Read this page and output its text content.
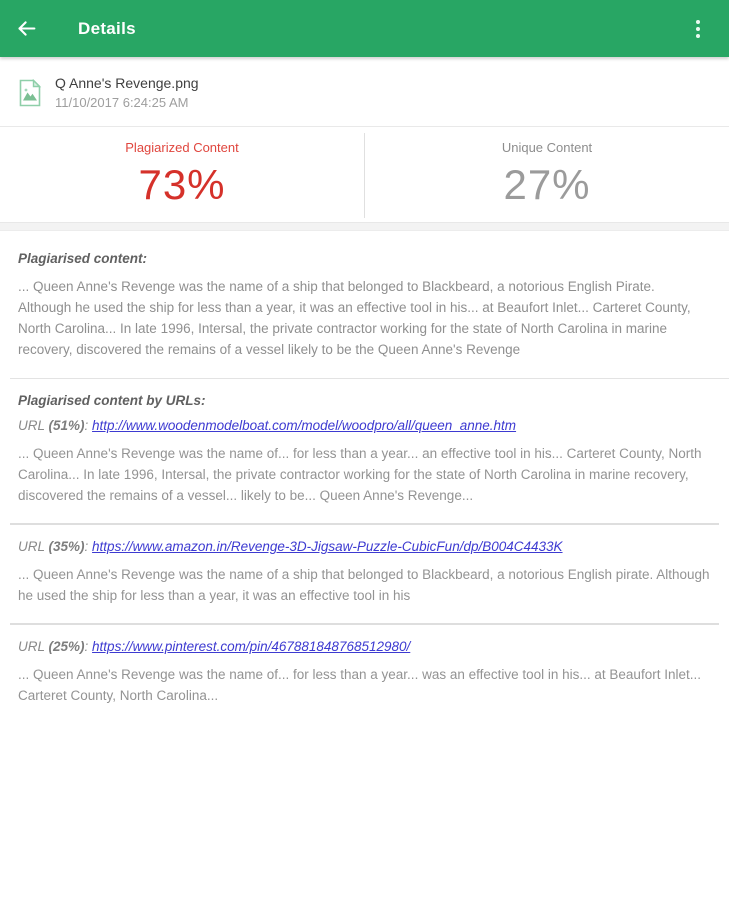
Details
Q Anne's Revenge.png
11/10/2017 6:24:25 AM
Plagiarized Content
73%
Unique Content
27%
Plagiarised content:

... Queen Anne's Revenge was the name of a ship that belonged to Blackbeard, a notorious English Pirate. Although he used the ship for less than a year, it was an effective tool in his... at Beaufort Inlet... Carteret County, North Carolina... In late 1996, Intersal, the private contractor working for the state of North Carolina in marine recovery, discovered the remains of a vessel likely to be the Queen Anne's Revenge

Plagiarised content by URLs:
URL (51%): http://www.woodenmodelboat.com/model/woodpro/all/queen_anne.htm

... Queen Anne's Revenge was the name of... for less than a year... an effective tool in his... Carteret County, North Carolina... In late 1996, Intersal, the private contractor working for the state of North Carolina in marine recovery, discovered the remains of a vessel... likely to be... Queen Anne's Revenge...

URL (35%): https://www.amazon.in/Revenge-3D-Jigsaw-Puzzle-CubicFun/dp/B004C4433K

... Queen Anne's Revenge was the name of a ship that belonged to Blackbeard, a notorious English pirate. Although he used the ship for less than a year, it was an effective tool in his

URL (25%): https://www.pinterest.com/pin/467881848768512980/

... Queen Anne's Revenge was the name of... for less than a year... was an effective tool in his... at Beaufort Inlet... Carteret County, North Carolina...
